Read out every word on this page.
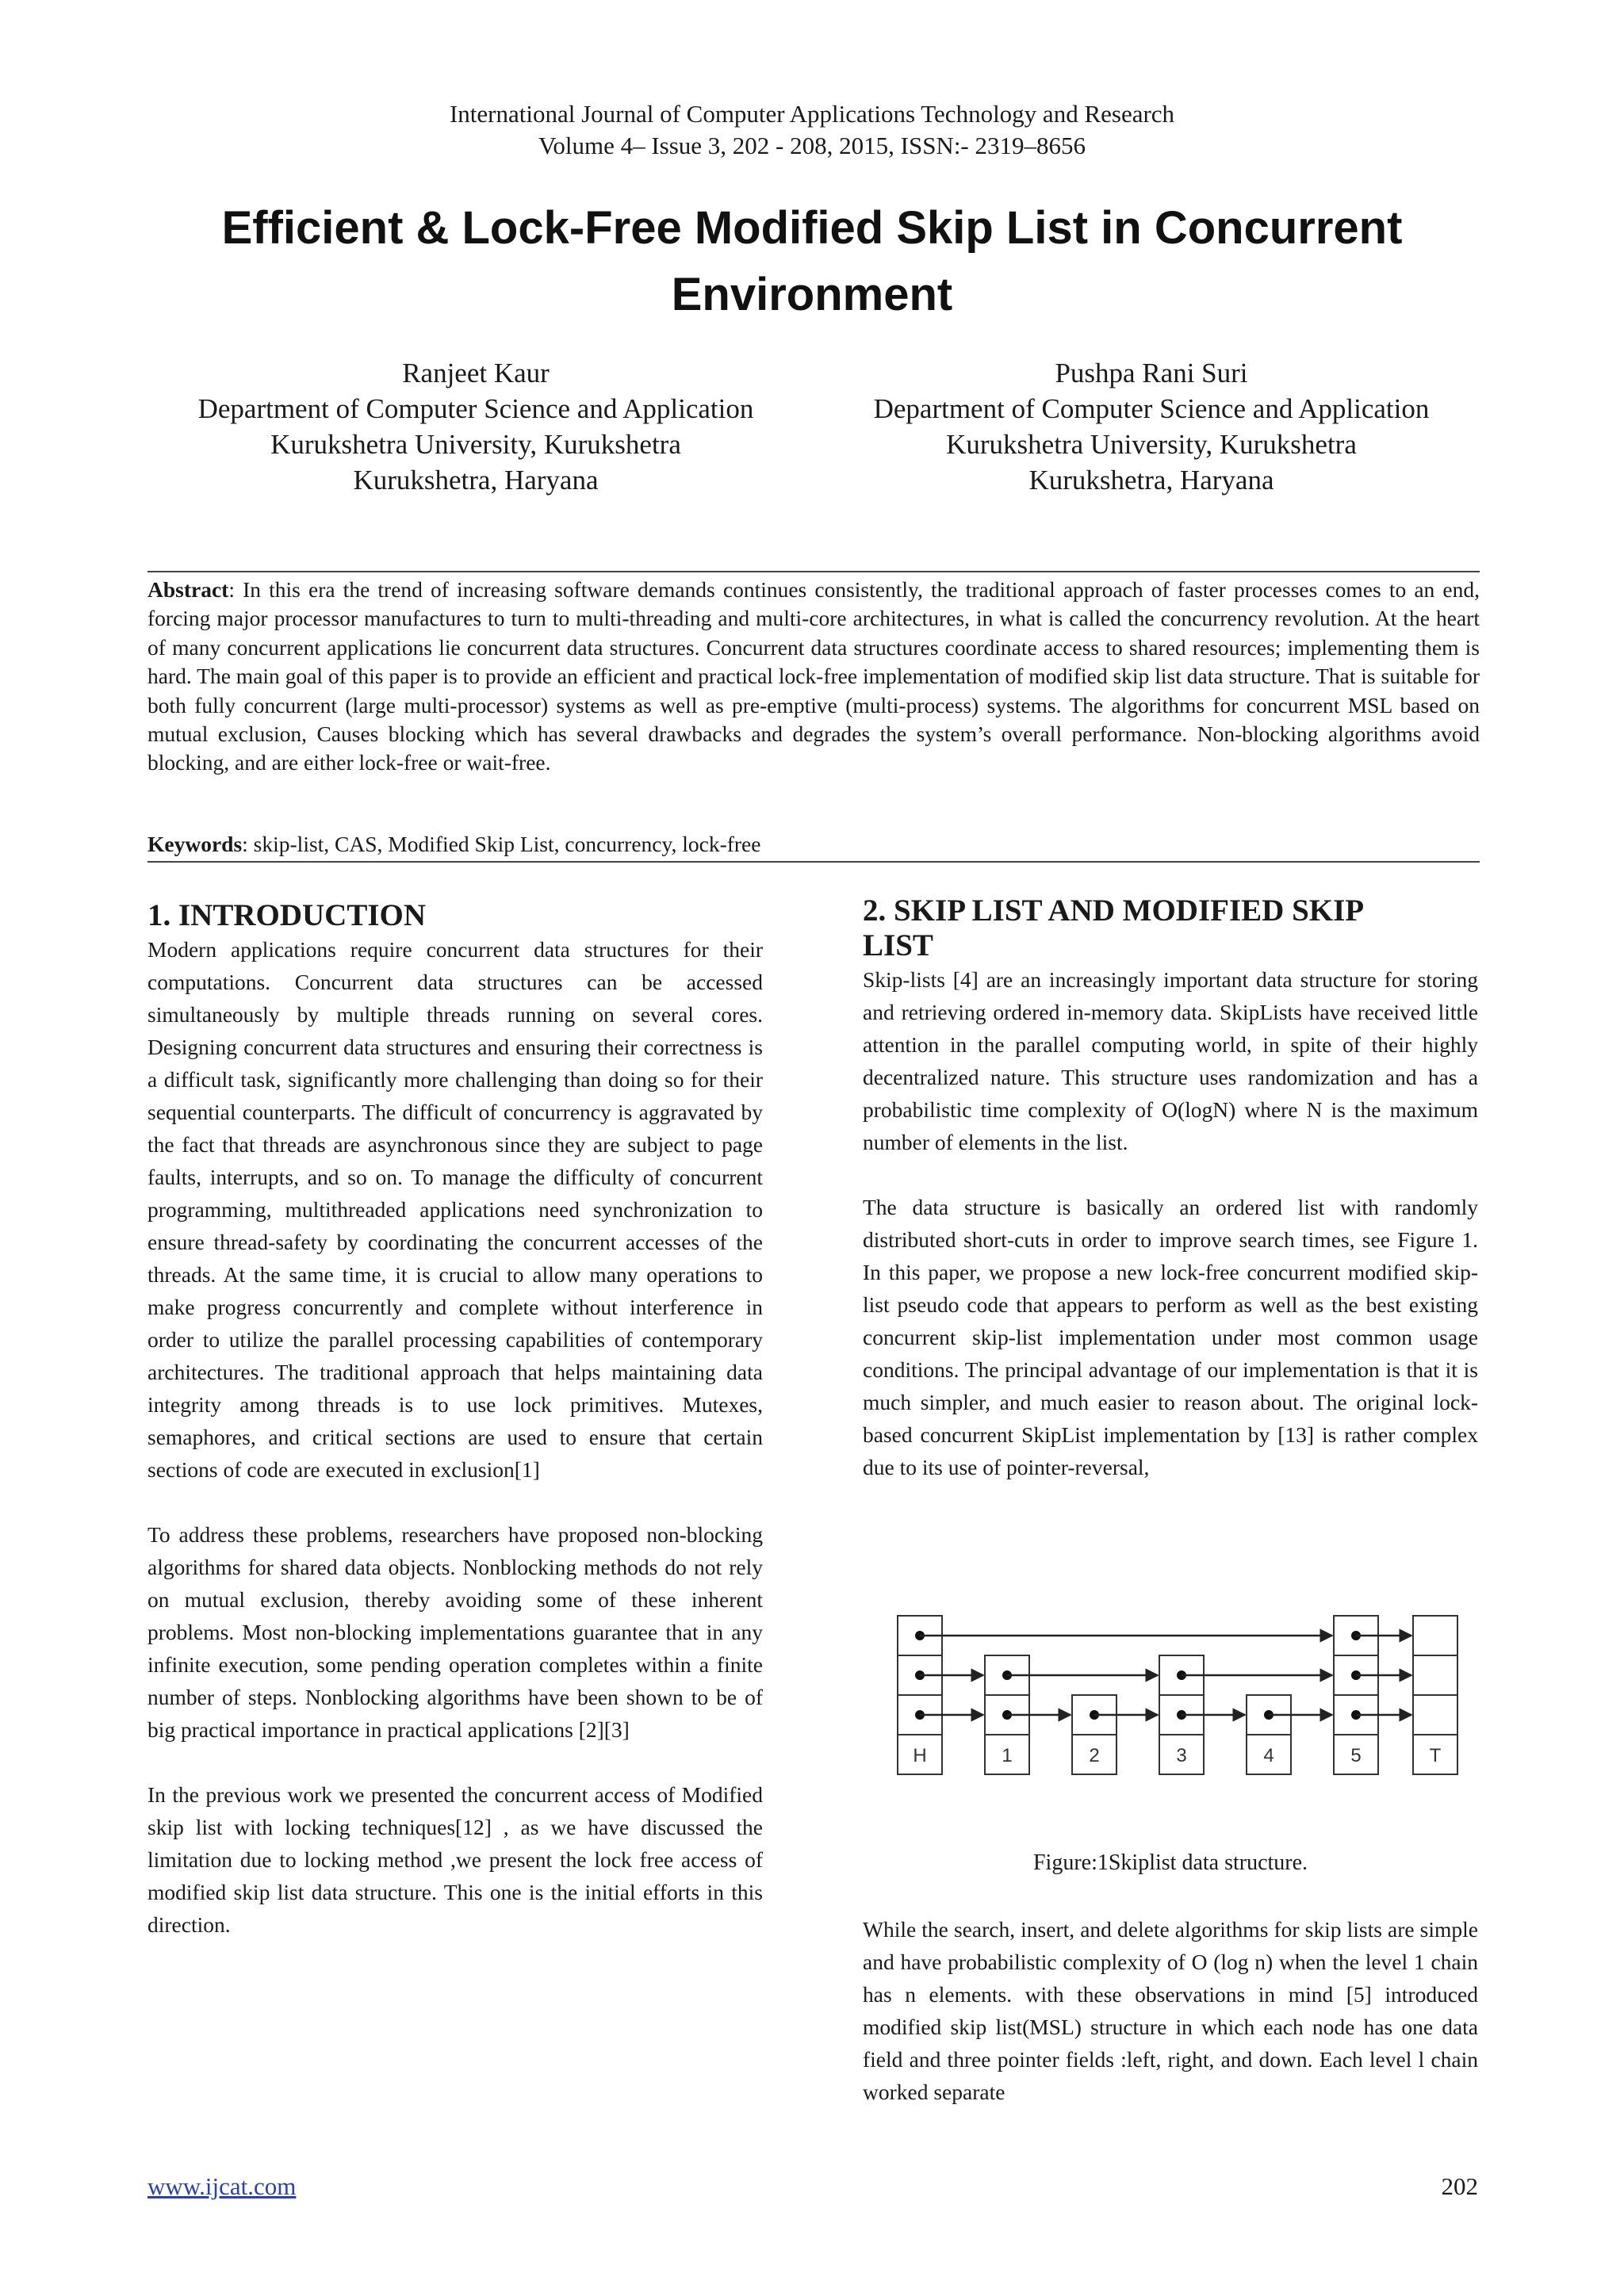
International Journal of Computer Applications Technology and Research
Volume 4– Issue 3, 202 - 208, 2015, ISSN:- 2319–8656
Efficient & Lock-Free Modified Skip List in Concurrent
Environment
Ranjeet Kaur
Department of Computer Science and Application
Kurukshetra University, Kurukshetra
Kurukshetra, Haryana
Pushpa Rani Suri
Department of Computer Science and Application
Kurukshetra University, Kurukshetra
Kurukshetra, Haryana
Abstract: In this era the trend of increasing software demands continues consistently, the traditional approach of faster processes comes to an end, forcing major processor manufactures to turn to multi-threading and multi-core architectures, in what is called the concurrency revolution. At the heart of many concurrent applications lie concurrent data structures. Concurrent data structures coordinate access to shared resources; implementing them is hard. The main goal of this paper is to provide an efficient and practical lock-free implementation of modified skip list data structure. That is suitable for both fully concurrent (large multi-processor) systems as well as pre-emptive (multi-process) systems. The algorithms for concurrent MSL based on mutual exclusion, Causes blocking which has several drawbacks and degrades the system’s overall performance. Non-blocking algorithms avoid blocking, and are either lock-free or wait-free.
Keywords: skip-list, CAS, Modified Skip List, concurrency, lock-free
1. INTRODUCTION

Modern applications require concurrent data structures for their computations. Concurrent data structures can be accessed simultaneously by multiple threads running on several cores. Designing concurrent data structures and ensuring their correctness is a difficult task, significantly more challenging than doing so for their sequential counterparts. The difficult of concurrency is aggravated by the fact that threads are asynchronous since they are subject to page faults, interrupts, and so on. To manage the difficulty of concurrent programming, multithreaded applications need synchronization to ensure thread-safety by coordinating the concurrent accesses of the threads. At the same time, it is crucial to allow many operations to make progress concurrently and complete without interference in order to utilize the parallel processing capabilities of contemporary architectures. The traditional approach that helps maintaining data integrity among threads is to use lock primitives. Mutexes, semaphores, and critical sections are used to ensure that certain sections of code are executed in exclusion[1]

To address these problems, researchers have proposed non-blocking algorithms for shared data objects. Nonblocking methods do not rely on mutual exclusion, thereby avoiding some of these inherent problems. Most non-blocking implementations guarantee that in any infinite execution, some pending operation completes within a finite number of steps. Nonblocking algorithms have been shown to be of big practical importance in practical applications [2][3]

In the previous work we presented the concurrent access of Modified skip list with locking techniques[12] , as we have discussed the limitation due to locking method ,we present the lock free access of modified skip list data structure. This one is the initial efforts in this direction.

2. SKIP LIST AND MODIFIED SKIP
LIST

Skip-lists [4] are an increasingly important data structure for storing and retrieving ordered in-memory data. SkipLists have received little attention in the parallel computing world, in spite of their highly decentralized nature. This structure uses randomization and has a probabilistic time complexity of O(logN) where N is the maximum number of elements in the list.

The data structure is basically an ordered list with randomly distributed short-cuts in order to improve search times, see Figure 1. In this paper, we propose a new lock-free concurrent modified skip-list pseudo code that appears to perform as well as the best existing concurrent skip-list implementation under most common usage conditions. The principal advantage of our implementation is that it is much simpler, and much easier to reason about. The original lock-based concurrent SkipList implementation by [13] is rather complex due to its use of pointer-reversal,

H	1	2	3	4	5	T
Figure:1Skiplist data structure.

While the search, insert, and delete algorithms for skip lists are simple and have probabilistic complexity of O (log n) when the level 1 chain has n elements. with these observations in mind [5] introduced modified skip list(MSL) structure in which each node has one data field and three pointer fields :left, right, and down. Each level l chain worked separate

www.ijcat.com	202
